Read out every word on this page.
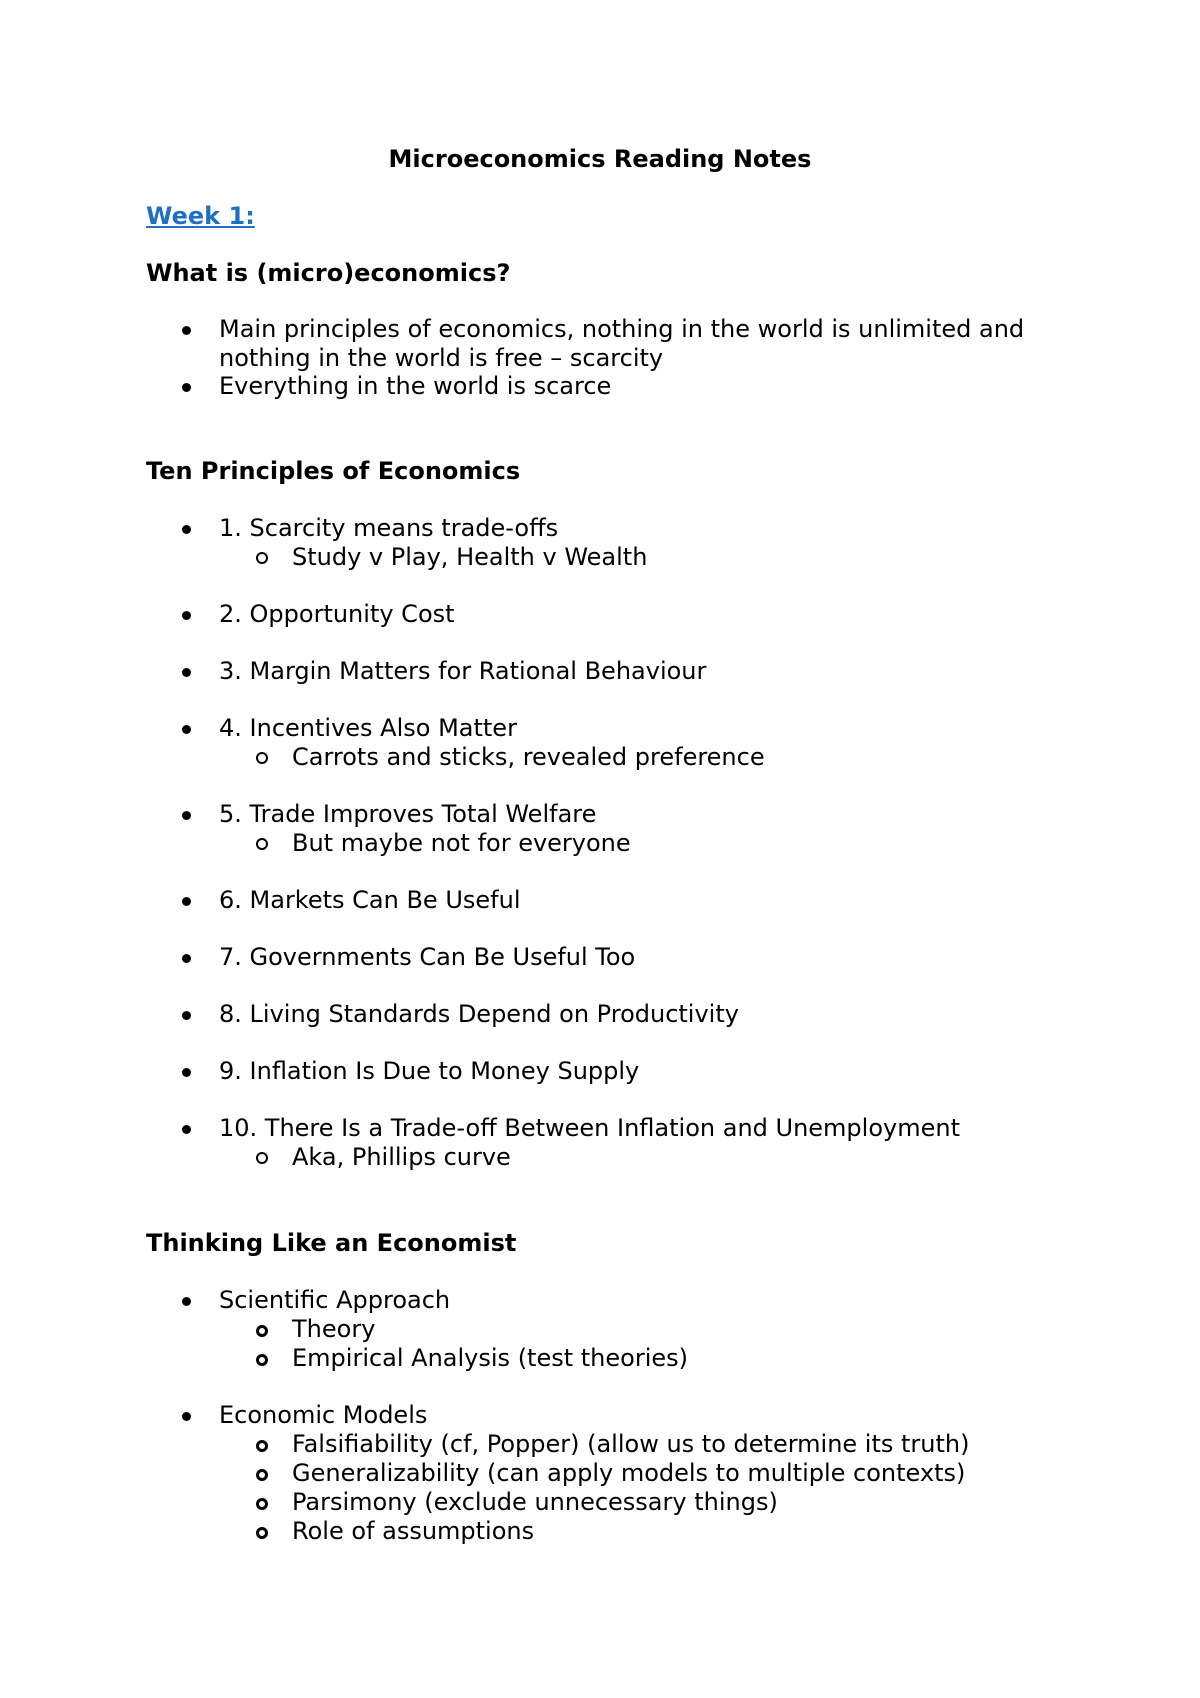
Microeconomics Reading Notes
Week 1:
What is (micro)economics?
Main principles of economics, nothing in the world is unlimited and
nothing in the world is free – scarcity
Everything in the world is scarce
Ten Principles of Economics
1. Scarcity means trade-offs
Study v Play, Health v Wealth
2. Opportunity Cost
3. Margin Matters for Rational Behaviour
4. Incentives Also Matter
Carrots and sticks, revealed preference
5. Trade Improves Total Welfare
But maybe not for everyone
6. Markets Can Be Useful
7. Governments Can Be Useful Too
8. Living Standards Depend on Productivity
9. Inflation Is Due to Money Supply
10. There Is a Trade-off Between Inflation and Unemployment
Aka, Phillips curve
Thinking Like an Economist
Scientific Approach
Theory
Empirical Analysis (test theories)
Economic Models
Falsifiability (cf, Popper) (allow us to determine its truth)
Generalizability (can apply models to multiple contexts)
Parsimony (exclude unnecessary things)
Role of assumptions
